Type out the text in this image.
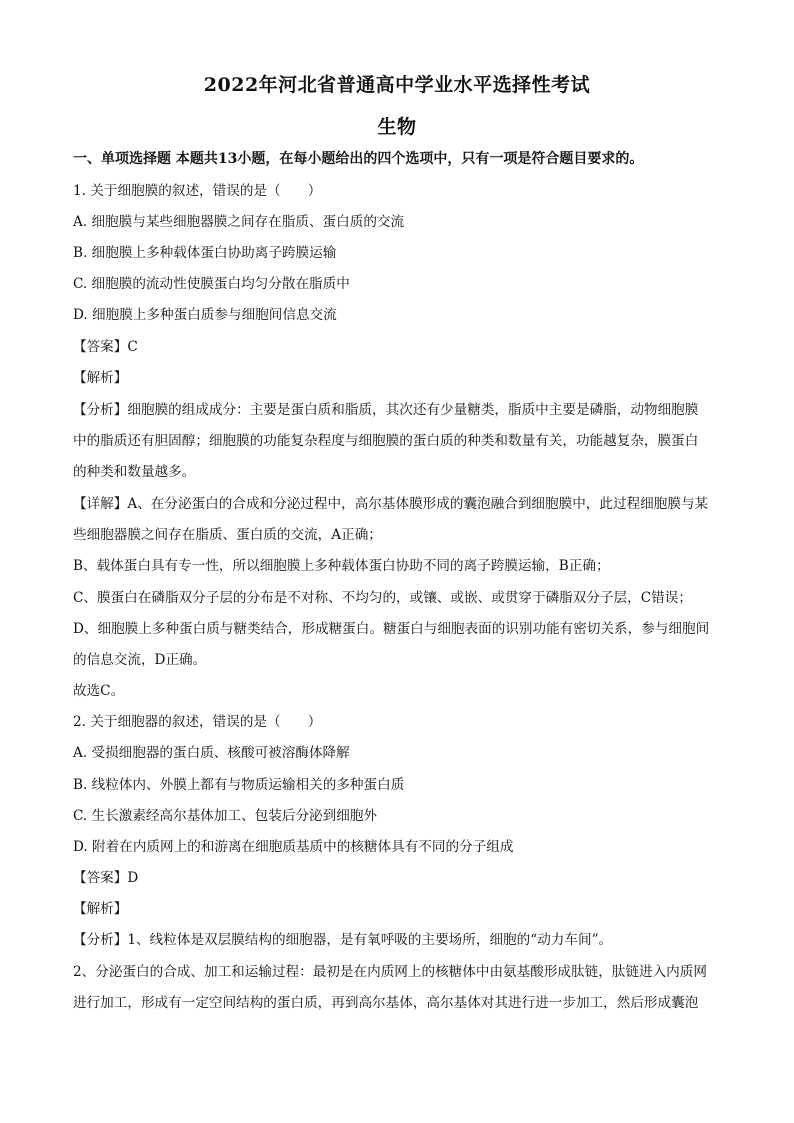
2022年河北省普通高中学业水平选择性考试
生物
一、单项选择题 本题共13小题，在每小题给出的四个选项中，只有一项是符合题目要求的。
1. 关于细胞膜的叙述，错误的是（　　）
A. 细胞膜与某些细胞器膜之间存在脂质、蛋白质的交流
B. 细胞膜上多种载体蛋白协助离子跨膜运输
C. 细胞膜的流动性使膜蛋白均匀分散在脂质中
D. 细胞膜上多种蛋白质参与细胞间信息交流
【答案】C
【解析】
【分析】细胞膜的组成成分：主要是蛋白质和脂质，其次还有少量糖类，脂质中主要是磷脂，动物细胞膜
中的脂质还有胆固醇；细胞膜的功能复杂程度与细胞膜的蛋白质的种类和数量有关，功能越复杂，膜蛋白
的种类和数量越多。
【详解】A、在分泌蛋白的合成和分泌过程中，高尔基体膜形成的囊泡融合到细胞膜中，此过程细胞膜与某
些细胞器膜之间存在脂质、蛋白质的交流，A正确；
B、载体蛋白具有专一性，所以细胞膜上多种载体蛋白协助不同的离子跨膜运输，B正确；
C、膜蛋白在磷脂双分子层的分布是不对称、不均匀的，或镶、或嵌、或贯穿于磷脂双分子层，C错误；
D、细胞膜上多种蛋白质与糖类结合，形成糖蛋白。糖蛋白与细胞表面的识别功能有密切关系，参与细胞间
的信息交流，D正确。
故选C。
2. 关于细胞器的叙述，错误的是（　　）
A. 受损细胞器的蛋白质、核酸可被溶酶体降解
B. 线粒体内、外膜上都有与物质运输相关的多种蛋白质
C. 生长激素经高尔基体加工、包装后分泌到细胞外
D. 附着在内质网上的和游离在细胞质基质中的核糖体具有不同的分子组成
【答案】D
【解析】
【分析】1、线粒体是双层膜结构的细胞器，是有氧呼吸的主要场所，细胞的“动力车间”。
2、分泌蛋白的合成、加工和运输过程：最初是在内质网上的核糖体中由氨基酸形成肽链，肽链进入内质网
进行加工，形成有一定空间结构的蛋白质，再到高尔基体，高尔基体对其进行进一步加工，然后形成囊泡
